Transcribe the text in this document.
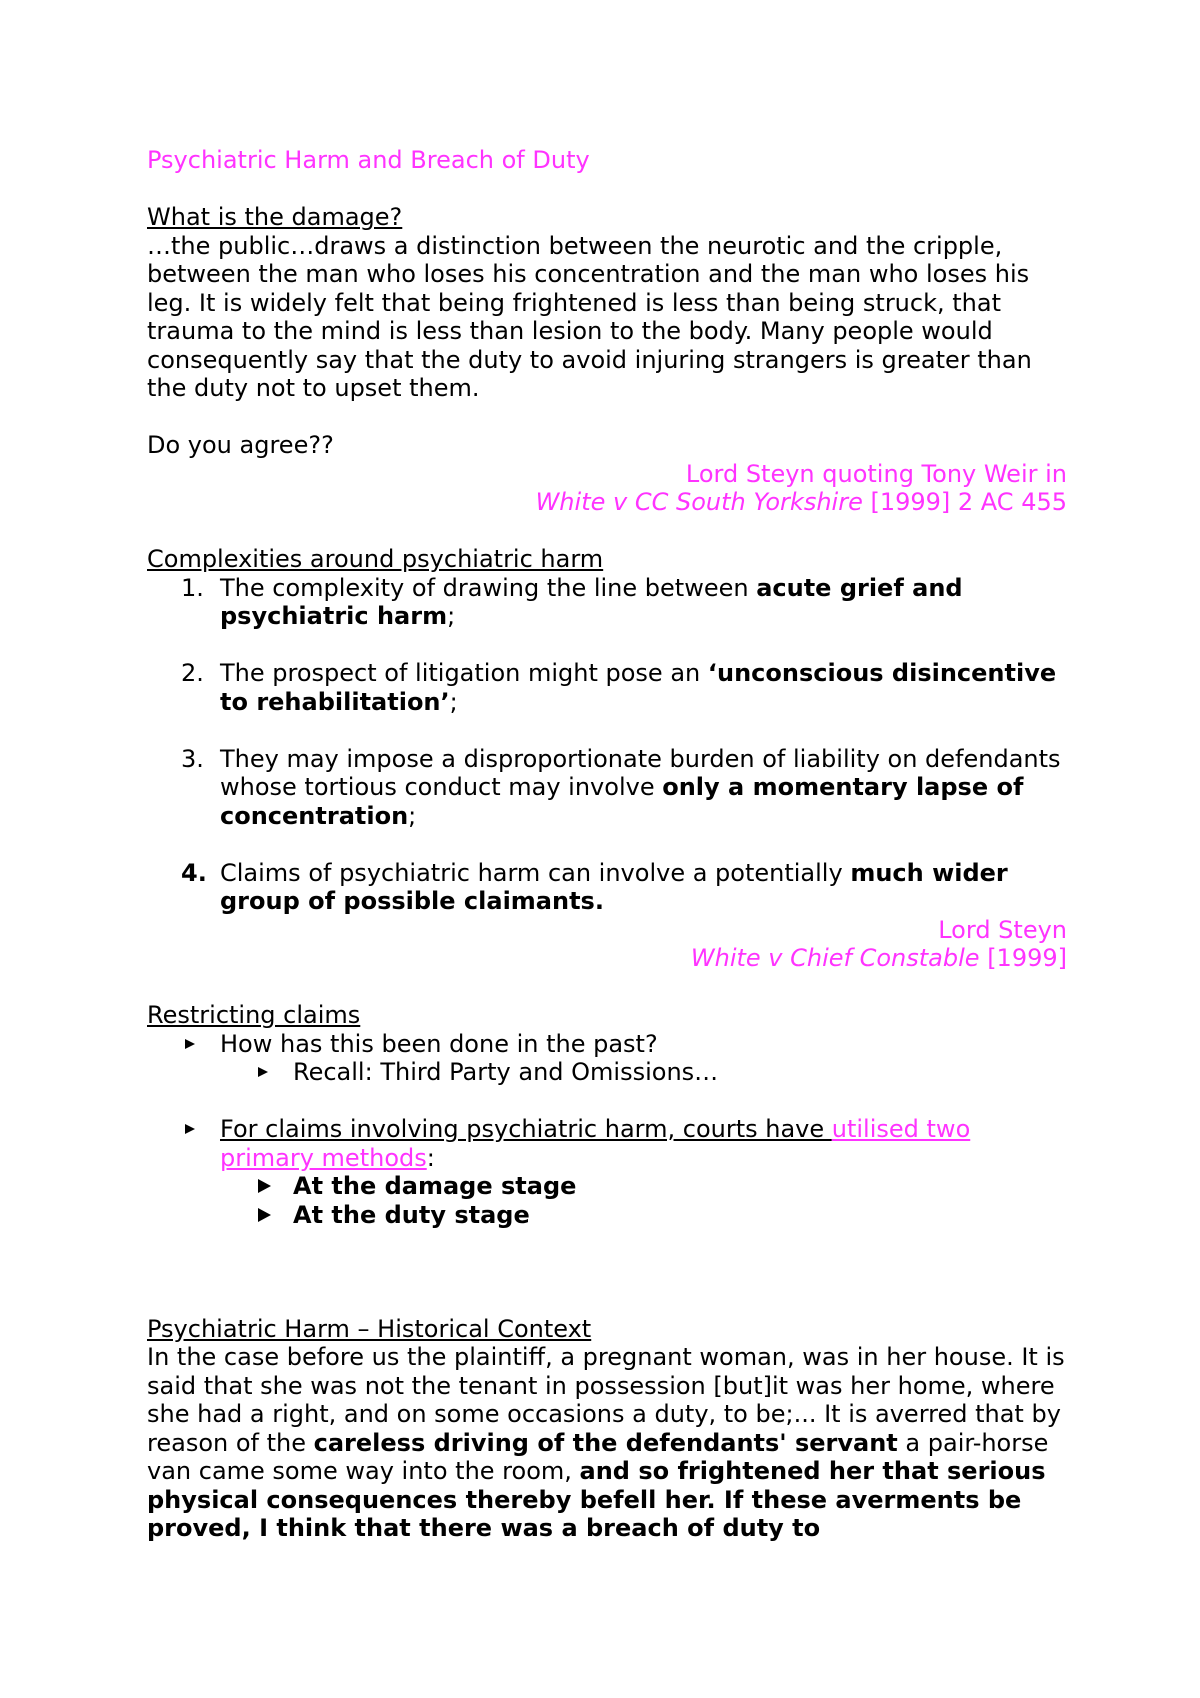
Psychiatric Harm and Breach of Duty

What is the damage?

…the public…draws a distinction between the neurotic and the cripple, between the man who loses his concentration and the man who loses his leg. It is widely felt that being frightened is less than being struck, that trauma to the mind is less than lesion to the body. Many people would consequently say that the duty to avoid injuring strangers is greater than the duty not to upset them.

Do you agree??

Lord Steyn quoting Tony Weir in

White v CC South Yorkshire [1999] 2 AC 455

Complexities around psychiatric harm

1. The complexity of drawing the line between acute grief and psychiatric harm;
2. The prospect of litigation might pose an ‘unconscious disincentive to rehabilitation’;
3. They may impose a disproportionate burden of liability on defendants whose tortious conduct may involve only a momentary lapse of concentration;
4. Claims of psychiatric harm can involve a potentially much wider group of possible claimants.

Lord Steyn

White v Chief Constable [1999]

Restricting claims

How has this been done in the past?

Recall: Third Party and Omissions…

For claims involving psychiatric harm, courts have utilised two primary methods:

At the damage stage

At the duty stage

Psychiatric Harm – Historical Context

In the case before us the plaintiff, a pregnant woman, was in her house. It is said that she was not the tenant in possession [but]it was her home, where she had a right, and on some occasions a duty, to be;... It is averred that by reason of the careless driving of the defendants' servant a pair-horse van came some way into the room, and so frightened her that serious physical consequences thereby befell her. If these averments be proved, I think that there was a breach of duty to
